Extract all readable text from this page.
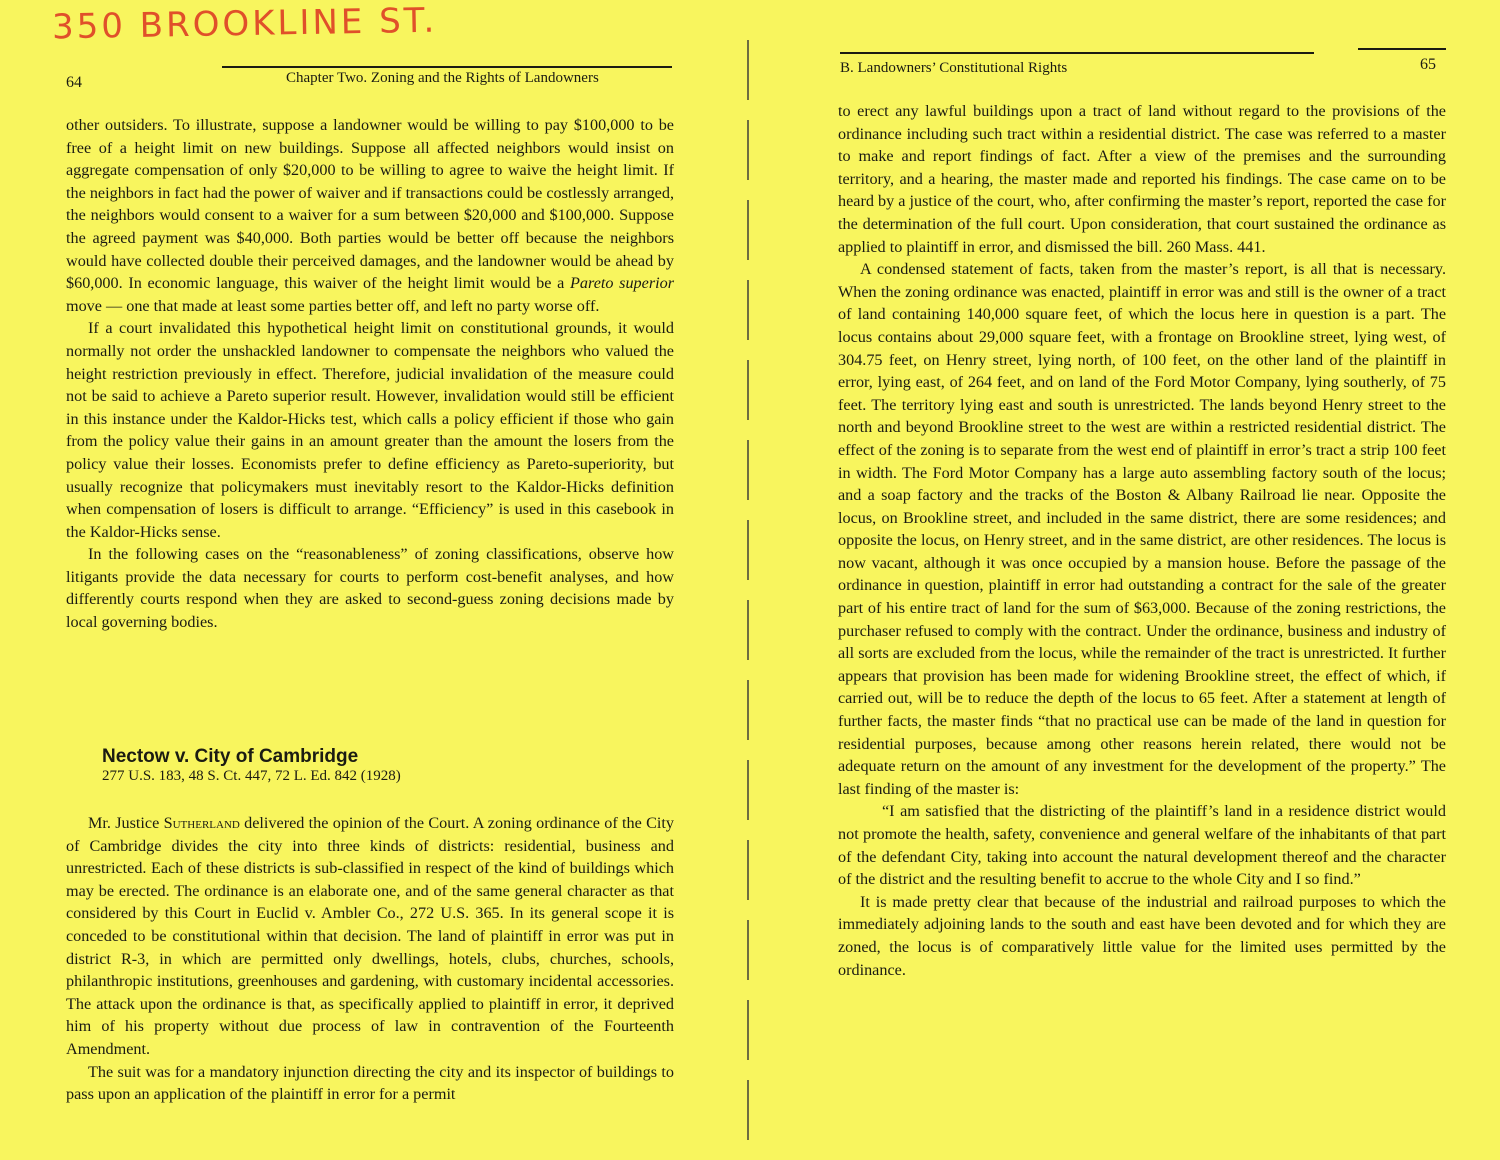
350 BROOKLINE ST.
64	Chapter Two. Zoning and the Rights of Landowners

other outsiders. To illustrate, suppose a landowner would be willing to pay $100,000 to be free of a height limit on new buildings. Suppose all affected neighbors would insist on aggregate compensation of only $20,000 to be willing to agree to waive the height limit. If the neighbors in fact had the power of waiver and if transactions could be costlessly arranged, the neighbors would consent to a waiver for a sum between $20,000 and $100,000. Suppose the agreed payment was $40,000. Both parties would be better off because the neighbors would have collected double their perceived damages, and the landowner would be ahead by $60,000. In economic language, this waiver of the height limit would be a Pareto superior move — one that made at least some parties better off, and left no party worse off.

If a court invalidated this hypothetical height limit on constitutional grounds, it would normally not order the unshackled landowner to compensate the neighbors who valued the height restriction previously in effect. Therefore, judicial invalidation of the measure could not be said to achieve a Pareto superior result. However, invalidation would still be efficient in this instance under the Kaldor-Hicks test, which calls a policy efficient if those who gain from the policy value their gains in an amount greater than the amount the losers from the policy value their losses. Economists prefer to define efficiency as Pareto-superiority, but usually recognize that policymakers must inevitably resort to the Kaldor-Hicks definition when compensation of losers is difficult to arrange. “Efficiency” is used in this casebook in the Kaldor-Hicks sense.

In the following cases on the “reasonableness” of zoning classifications, observe how litigants provide the data necessary for courts to perform cost-benefit analyses, and how differently courts respond when they are asked to second-guess zoning decisions made by local governing bodies.

Nectow v. City of Cambridge

277 U.S. 183, 48 S. Ct. 447, 72 L. Ed. 842 (1928)

Mr. Justice Sutherland delivered the opinion of the Court. A zoning ordinance of the City of Cambridge divides the city into three kinds of districts: residential, business and unrestricted. Each of these districts is sub-classified in respect of the kind of buildings which may be erected. The ordinance is an elaborate one, and of the same general character as that considered by this Court in Euclid v. Ambler Co., 272 U.S. 365. In its general scope it is conceded to be constitutional within that decision. The land of plaintiff in error was put in district R-3, in which are permitted only dwellings, hotels, clubs, churches, schools, philanthropic institutions, greenhouses and gardening, with customary incidental accessories. The attack upon the ordinance is that, as specifically applied to plaintiff in error, it deprived him of his property without due process of law in contravention of the Fourteenth Amendment.

The suit was for a mandatory injunction directing the city and its inspector of buildings to pass upon an application of the plaintiff in error for a permit

B. Landowners’ Constitutional Rights	65

to erect any lawful buildings upon a tract of land without regard to the provisions of the ordinance including such tract within a residential district. The case was referred to a master to make and report findings of fact. After a view of the premises and the surrounding territory, and a hearing, the master made and reported his findings. The case came on to be heard by a justice of the court, who, after confirming the master’s report, reported the case for the determination of the full court. Upon consideration, that court sustained the ordinance as applied to plaintiff in error, and dismissed the bill. 260 Mass. 441.

A condensed statement of facts, taken from the master’s report, is all that is necessary. When the zoning ordinance was enacted, plaintiff in error was and still is the owner of a tract of land containing 140,000 square feet, of which the locus here in question is a part. The locus contains about 29,000 square feet, with a frontage on Brookline street, lying west, of 304.75 feet, on Henry street, lying north, of 100 feet, on the other land of the plaintiff in error, lying east, of 264 feet, and on land of the Ford Motor Company, lying southerly, of 75 feet. The territory lying east and south is unrestricted. The lands beyond Henry street to the north and beyond Brookline street to the west are within a restricted residential district. The effect of the zoning is to separate from the west end of plaintiff in error’s tract a strip 100 feet in width. The Ford Motor Company has a large auto assembling factory south of the locus; and a soap factory and the tracks of the Boston & Albany Railroad lie near. Opposite the locus, on Brookline street, and included in the same district, there are some residences; and opposite the locus, on Henry street, and in the same district, are other residences. The locus is now vacant, although it was once occupied by a mansion house. Before the passage of the ordinance in question, plaintiff in error had outstanding a contract for the sale of the greater part of his entire tract of land for the sum of $63,000. Because of the zoning restrictions, the purchaser refused to comply with the contract. Under the ordinance, business and industry of all sorts are excluded from the locus, while the remainder of the tract is unrestricted. It further appears that provision has been made for widening Brookline street, the effect of which, if carried out, will be to reduce the depth of the locus to 65 feet. After a statement at length of further facts, the master finds “that no practical use can be made of the land in question for residential purposes, because among other reasons herein related, there would not be adequate return on the amount of any investment for the development of the property.” The last finding of the master is:

“I am satisfied that the districting of the plaintiff’s land in a residence district would not promote the health, safety, convenience and general welfare of the inhabitants of that part of the defendant City, taking into account the natural development thereof and the character of the district and the resulting benefit to accrue to the whole City and I so find.”

It is made pretty clear that because of the industrial and railroad purposes to which the immediately adjoining lands to the south and east have been devoted and for which they are zoned, the locus is of comparatively little value for the limited uses permitted by the ordinance.
